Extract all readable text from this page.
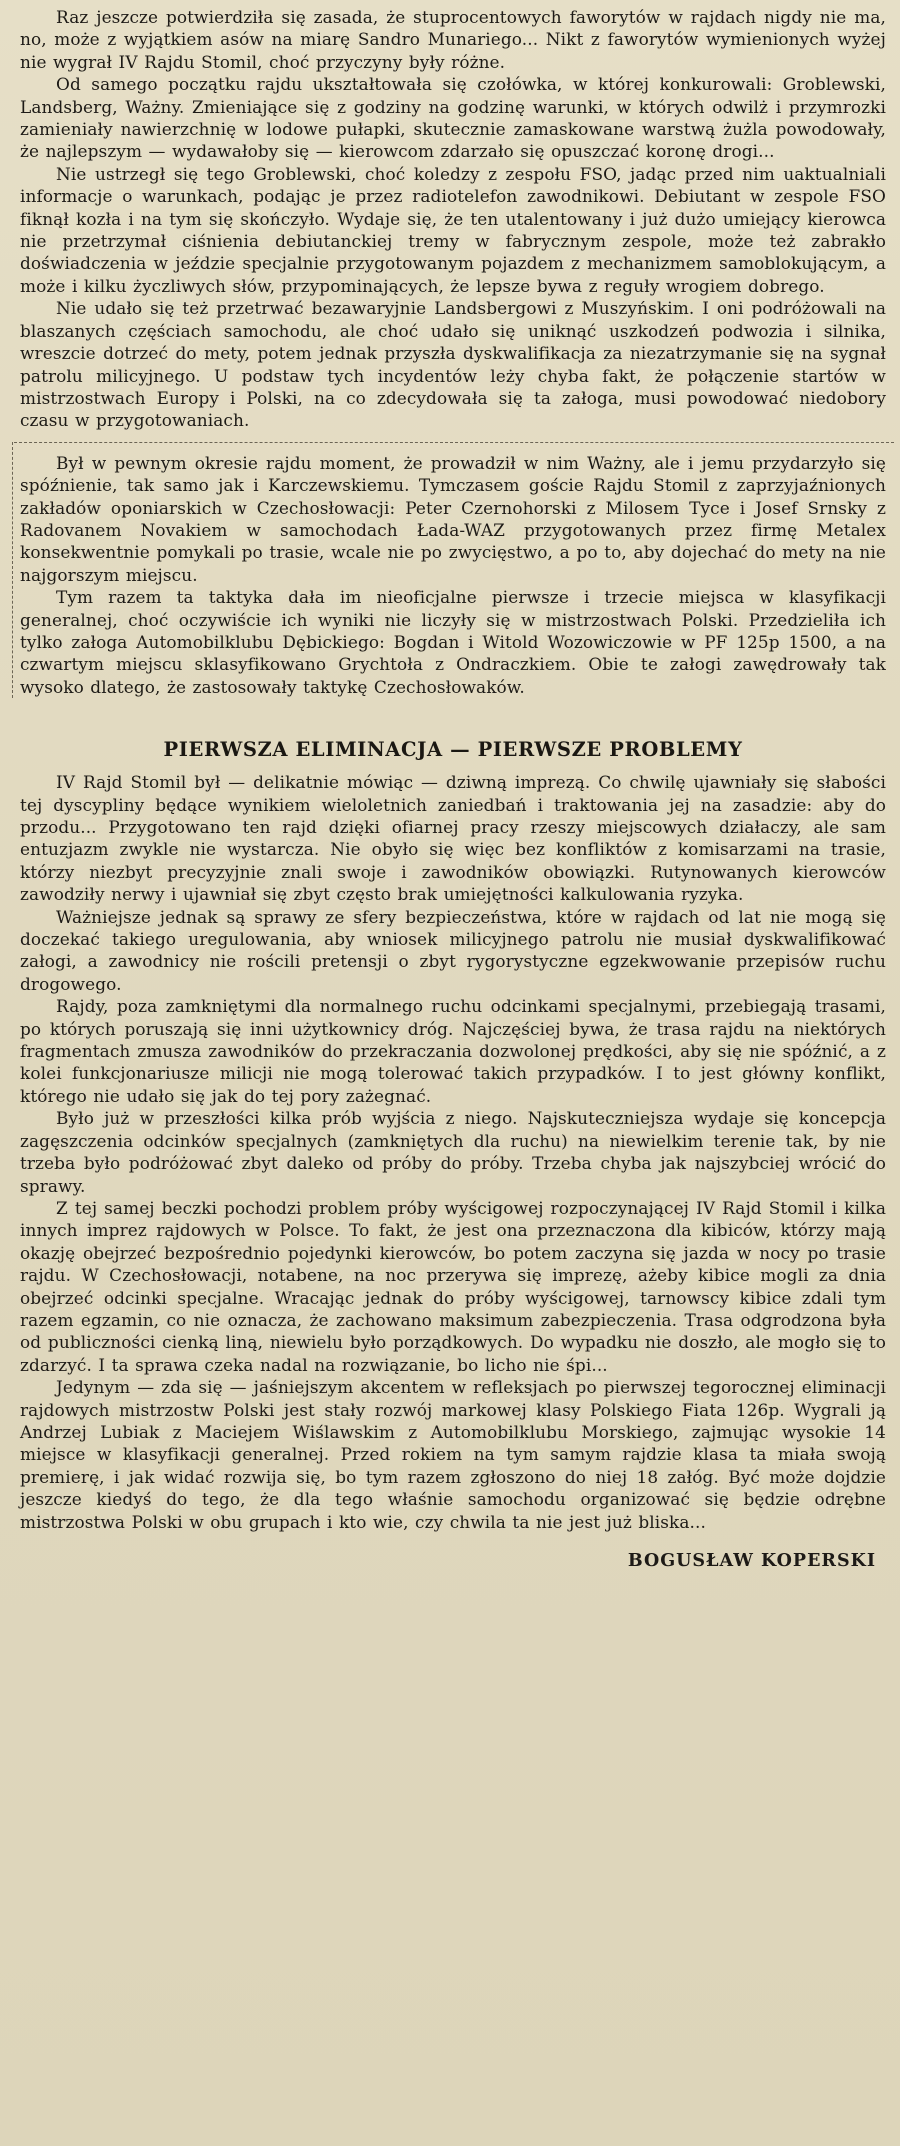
Raz jeszcze potwierdziła się zasada, że stuprocentowych faworytów w rajdach nigdy nie ma, no, może z wyjątkiem asów na miarę Sandro Munariego... Nikt z faworytów wymienionych wyżej nie wygrał IV Rajdu Stomil, choć przyczyny były różne.

Od samego początku rajdu ukształtowała się czołówka, w której konkurowali: Groblewski, Landsberg, Ważny. Zmieniające się z godziny na godzinę warunki, w których odwilż i przymrozki zamieniały nawierzchnię w lodowe pułapki, skutecznie zamaskowane warstwą żużla powodowały, że najlepszym — wydawałoby się — kierowcom zdarzało się opuszczać koronę drogi...

Nie ustrzegł się tego Groblewski, choć koledzy z zespołu FSO, jadąc przed nim uaktualniali informacje o warunkach, podając je przez radiotelefon zawodnikowi. Debiutant w zespole FSO fiknął kozła i na tym się skończyło. Wydaje się, że ten utalentowany i już dużo umiejący kierowca nie przetrzymał ciśnienia debiutanckiej tremy w fabrycznym zespole, może też zabrakło doświadczenia w jeździe specjalnie przygotowanym pojazdem z mechanizmem samoblokującym, a może i kilku życzliwych słów, przypominających, że lepsze bywa z reguły wrogiem dobrego.

Nie udało się też przetrwać bezawaryjnie Landsbergowi z Muszyńskim. I oni podróżowali na blaszanych częściach samochodu, ale choć udało się uniknąć uszkodzeń podwozia i silnika, wreszcie dotrzeć do mety, potem jednak przyszła dyskwalifikacja za niezatrzymanie się na sygnał patrolu milicyjnego. U podstaw tych incydentów leży chyba fakt, że połączenie startów w mistrzostwach Europy i Polski, na co zdecydowała się ta załoga, musi powodować niedobory czasu w przygotowaniach.

Był w pewnym okresie rajdu moment, że prowadził w nim Ważny, ale i jemu przydarzyło się spóźnienie, tak samo jak i Karczewskiemu. Tymczasem goście Rajdu Stomil z zaprzyjaźnionych zakładów oponiarskich w Czechosłowacji: Peter Czernohorski z Milosem Tyce i Josef Srnsky z Radovanem Novakiem w samochodach Łada-WAZ przygotowanych przez firmę Metalex konsekwentnie pomykali po trasie, wcale nie po zwycięstwo, a po to, aby dojechać do mety na nie najgorszym miejscu.

Tym razem ta taktyka dała im nieoficjalne pierwsze i trzecie miejsca w klasyfikacji generalnej, choć oczywiście ich wyniki nie liczyły się w mistrzostwach Polski. Przedzieliła ich tylko załoga Automobilklubu Dębickiego: Bogdan i Witold Wozowiczowie w PF 125p 1500, a na czwartym miejscu sklasyfikowano Grychtoła z Ondraczkiem. Obie te załogi zawędrowały tak wysoko dlatego, że zastosowały taktykę Czechosłowaków.

PIERWSZA ELIMINACJA — PIERWSZE PROBLEMY

IV Rajd Stomil był — delikatnie mówiąc — dziwną imprezą. Co chwilę ujawniały się słabości tej dyscypliny będące wynikiem wieloletnich zaniedbań i traktowania jej na zasadzie: aby do przodu... Przygotowano ten rajd dzięki ofiarnej pracy rzeszy miejscowych działaczy, ale sam entuzjazm zwykle nie wystarcza. Nie obyło się więc bez konfliktów z komisarzami na trasie, którzy niezbyt precyzyjnie znali swoje i zawodników obowiązki. Rutynowanych kierowców zawodziły nerwy i ujawniał się zbyt często brak umiejętności kalkulowania ryzyka.

Ważniejsze jednak są sprawy ze sfery bezpieczeństwa, które w rajdach od lat nie mogą się doczekać takiego uregulowania, aby wniosek milicyjnego patrolu nie musiał dyskwalifikować załogi, a zawodnicy nie rościli pretensji o zbyt rygorystyczne egzekwowanie przepisów ruchu drogowego.

Rajdy, poza zamkniętymi dla normalnego ruchu odcinkami specjalnymi, przebiegają trasami, po których poruszają się inni użytkownicy dróg. Najczęściej bywa, że trasa rajdu na niektórych fragmentach zmusza zawodników do przekraczania dozwolonej prędkości, aby się nie spóźnić, a z kolei funkcjonariusze milicji nie mogą tolerować takich przypadków. I to jest główny konflikt, którego nie udało się jak do tej pory zażegnać.

Było już w przeszłości kilka prób wyjścia z niego. Najskuteczniejsza wydaje się koncepcja zagęszczenia odcinków specjalnych (zamkniętych dla ruchu) na niewielkim terenie tak, by nie trzeba było podróżować zbyt daleko od próby do próby. Trzeba chyba jak najszybciej wrócić do sprawy.

Z tej samej beczki pochodzi problem próby wyścigowej rozpoczynającej IV Rajd Stomil i kilka innych imprez rajdowych w Polsce. To fakt, że jest ona przeznaczona dla kibiców, którzy mają okazję obejrzeć bezpośrednio pojedynki kierowców, bo potem zaczyna się jazda w nocy po trasie rajdu. W Czechosłowacji, notabene, na noc przerywa się imprezę, ażeby kibice mogli za dnia obejrzeć odcinki specjalne. Wracając jednak do próby wyścigowej, tarnowscy kibice zdali tym razem egzamin, co nie oznacza, że zachowano maksimum zabezpieczenia. Trasa odgrodzona była od publiczności cienką liną, niewielu było porządkowych. Do wypadku nie doszło, ale mogło się to zdarzyć. I ta sprawa czeka nadal na rozwiązanie, bo licho nie śpi...

Jedynym — zda się — jaśniejszym akcentem w refleksjach po pierwszej tegorocznej eliminacji rajdowych mistrzostw Polski jest stały rozwój markowej klasy Polskiego Fiata 126p. Wygrali ją Andrzej Lubiak z Maciejem Wiślawskim z Automobilklubu Morskiego, zajmując wysokie 14 miejsce w klasyfikacji generalnej. Przed rokiem na tym samym rajdzie klasa ta miała swoją premierę, i jak widać rozwija się, bo tym razem zgłoszono do niej 18 załóg. Być może dojdzie jeszcze kiedyś do tego, że dla tego właśnie samochodu organizować się będzie odrębne mistrzostwa Polski w obu grupach i kto wie, czy chwila ta nie jest już bliska...

BOGUSŁAW KOPERSKI
